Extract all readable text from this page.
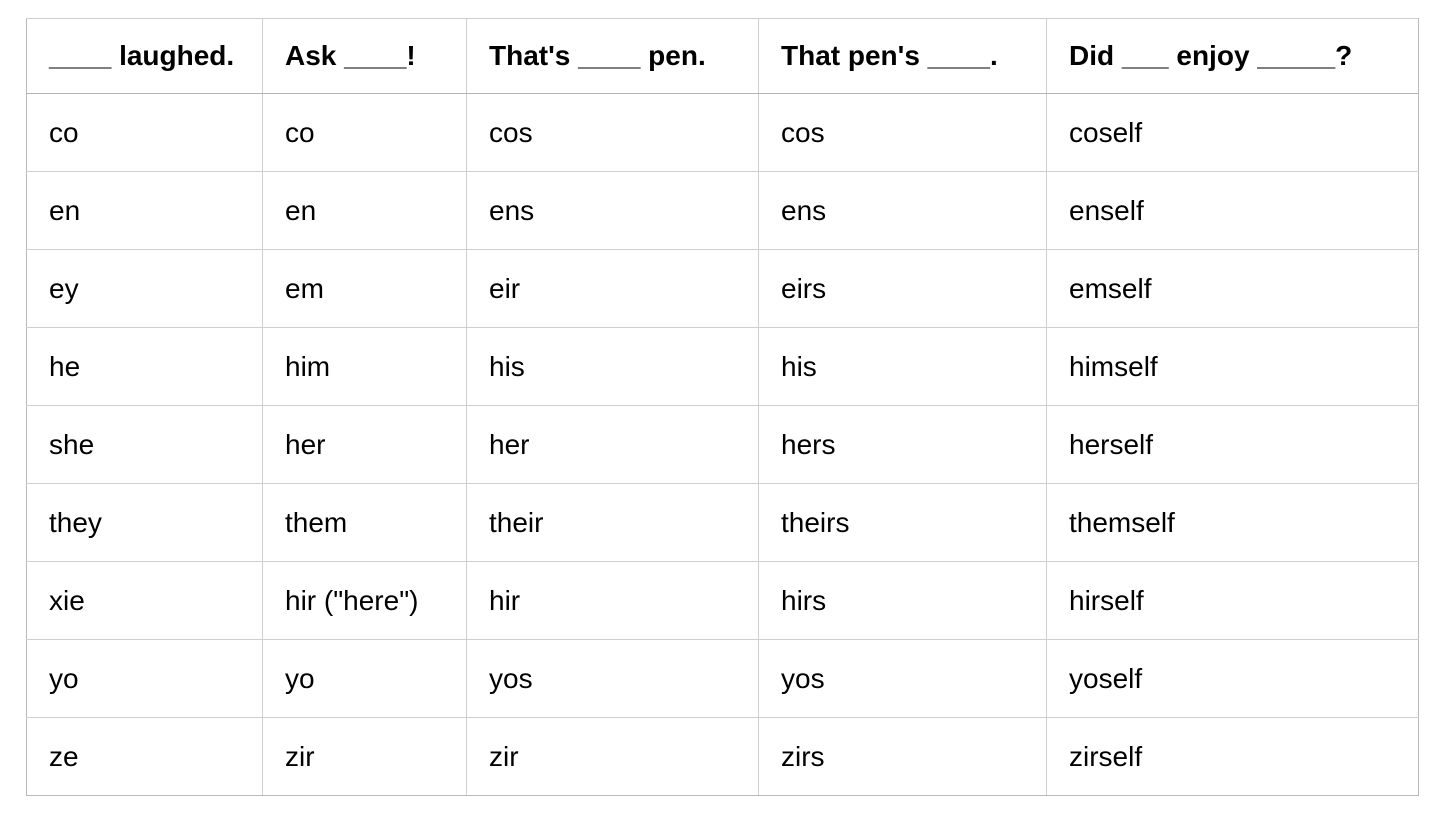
____ laughed.	Ask ____!	That's ____ pen.	That pen's ____.	Did ___ enjoy _____?
co	co	cos	cos	coself
en	en	ens	ens	enself
ey	em	eir	eirs	emself
he	him	his	his	himself
she	her	her	hers	herself
they	them	their	theirs	themself
xie	hir ("here")	hir	hirs	hirself
yo	yo	yos	yos	yoself
ze	zir	zir	zirs	zirself
